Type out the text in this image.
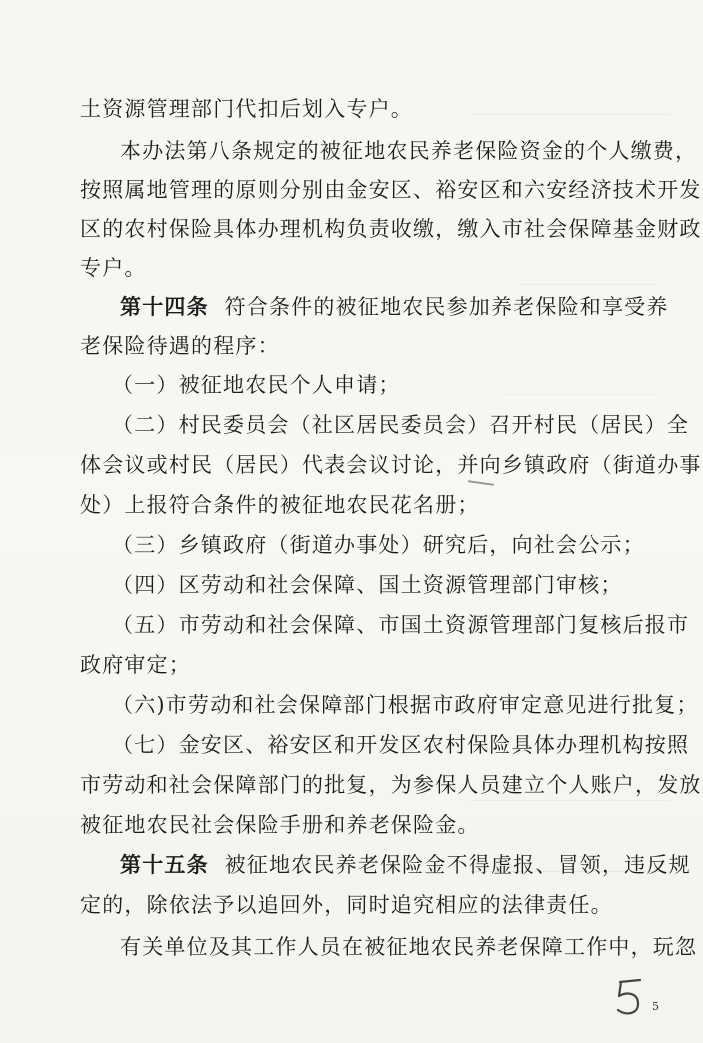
土资源管理部门代扣后划入专户。
本办法第八条规定的被征地农民养老保险资金的个人缴费，
按照属地管理的原则分别由金安区、裕安区和六安经济技术开发
区的农村保险具体办理机构负责收缴，缴入市社会保障基金财政
专户。
第十四条 符合条件的被征地农民参加养老保险和享受养
老保险待遇的程序：
（一）被征地农民个人申请；
（二）村民委员会（社区居民委员会）召开村民（居民）全
体会议或村民（居民）代表会议讨论，并向乡镇政府（街道办事
处）上报符合条件的被征地农民花名册；
（三）乡镇政府（街道办事处）研究后，向社会公示；
（四）区劳动和社会保障、国土资源管理部门审核；
（五）市劳动和社会保障、市国土资源管理部门复核后报市
政府审定；
（六)市劳动和社会保障部门根据市政府审定意见进行批复；
（七）金安区、裕安区和开发区农村保险具体办理机构按照
市劳动和社会保障部门的批复，为参保人员建立个人账户，发放
被征地农民社会保险手册和养老保险金。
第十五条 被征地农民养老保险金不得虚报、冒领，违反规
定的，除依法予以追回外，同时追究相应的法律责任。
有关单位及其工作人员在被征地农民养老保障工作中，玩忽
5
